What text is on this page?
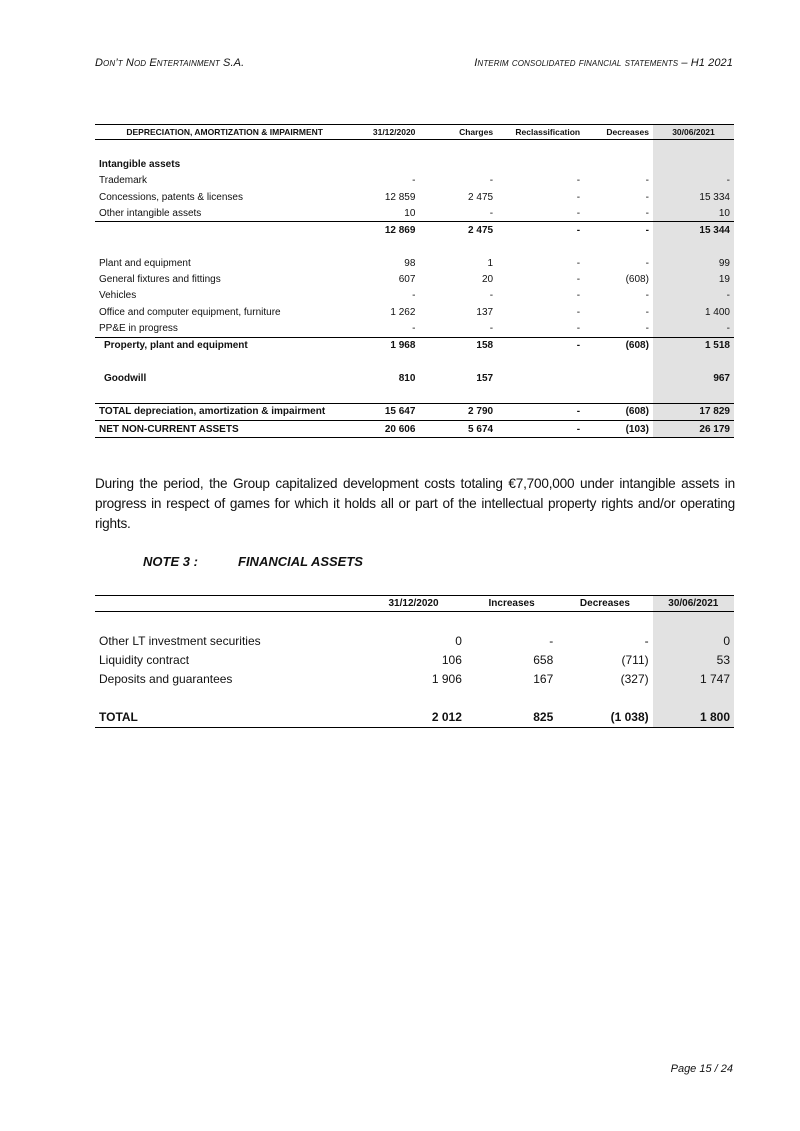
Don’t Nod Entertainment S.A.	Interim consolidated financial statements – H1 2021
DEPRECIATION, AMORTIZATION & IMPAIRMENT	31/12/2020	Charges	Reclassification	Decreases	30/06/2021

Intangible assets					
Trademark	-	-	-	-	-
Concessions, patents & licenses	12 859	2 475	-	-	15 334
Other intangible assets	10	-	-	-	10
	12 869	2 475	-	-	15 344

Plant and equipment	98	1	-	-	99
General fixtures and fittings	607	20	-	(608)	19
Vehicles	-	-	-	-	-
Office and computer equipment, furniture	1 262	137	-	-	1 400
PP&E in progress	-	-	-	-	-
Property, plant and equipment	1 968	158	-	(608)	1 518

Goodwill	810	157			967

TOTAL depreciation, amortization & impairment	15 647	2 790	-	(608)	17 829
NET NON-CURRENT ASSETS	20 606	5 674	-	(103)	26 179

During the period, the Group capitalized development costs totaling €7,700,000 under intangible assets in progress in respect of games for which it holds all or part of the intellectual property rights and/or operating rights.

NOTE 3 :	FINANCIAL ASSETS
	31/12/2020	Increases	Decreases	30/06/2021

Other LT investment securities	0	-	-	0
Liquidity contract	106	658	(711)	53
Deposits and guarantees	1 906	167	(327)	1 747

TOTAL	2 012	825	(1 038)	1 800
Page 15 / 24
